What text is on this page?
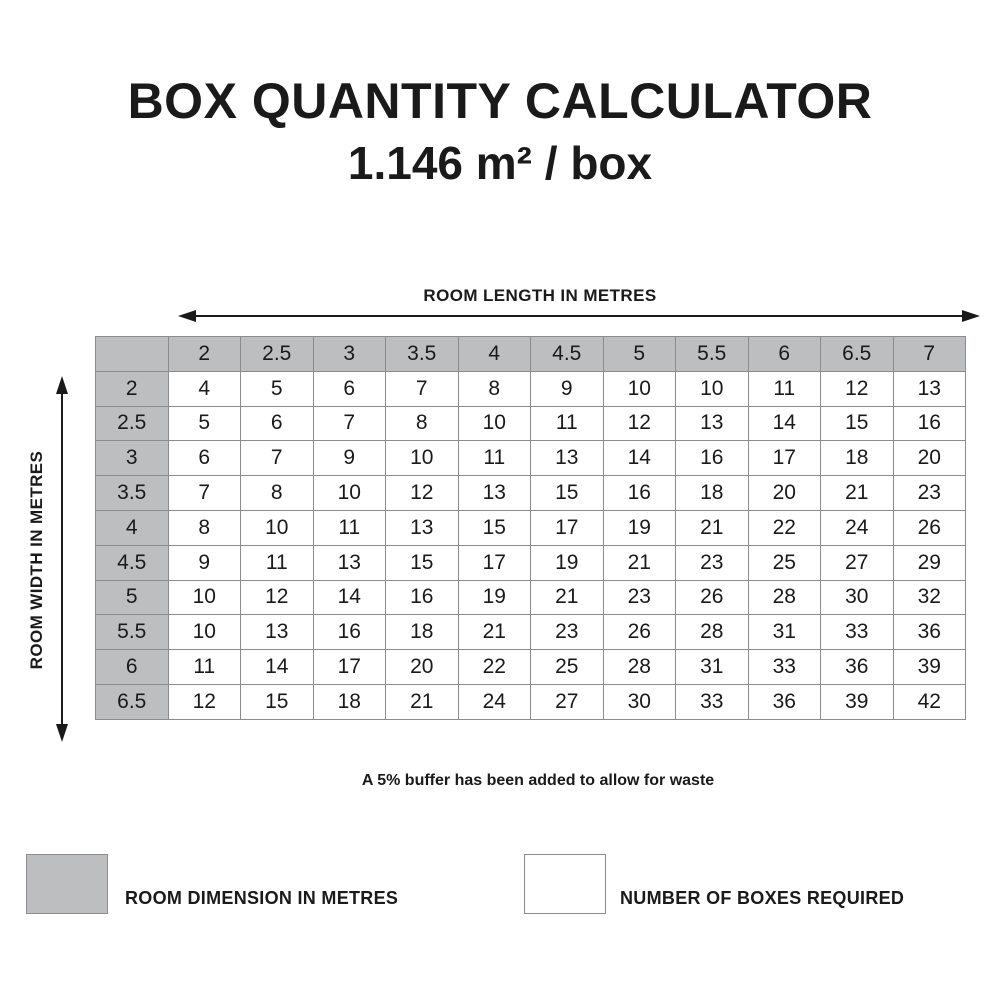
BOX QUANTITY CALCULATOR
1.146 m² / box
ROOM LENGTH IN METRES
ROOM WIDTH IN METRES
	2	2.5	3	3.5	4	4.5	5	5.5	6	6.5	7
2	4	5	6	7	8	9	10	10	11	12	13
2.5	5	6	7	8	10	11	12	13	14	15	16
3	6	7	9	10	11	13	14	16	17	18	20
3.5	7	8	10	12	13	15	16	18	20	21	23
4	8	10	11	13	15	17	19	21	22	24	26
4.5	9	11	13	15	17	19	21	23	25	27	29
5	10	12	14	16	19	21	23	26	28	30	32
5.5	10	13	16	18	21	23	26	28	31	33	36
6	11	14	17	20	22	25	28	31	33	36	39
6.5	12	15	18	21	24	27	30	33	36	39	42
A 5% buffer has been added to allow for waste
ROOM DIMENSION IN METRES	NUMBER OF BOXES REQUIRED
